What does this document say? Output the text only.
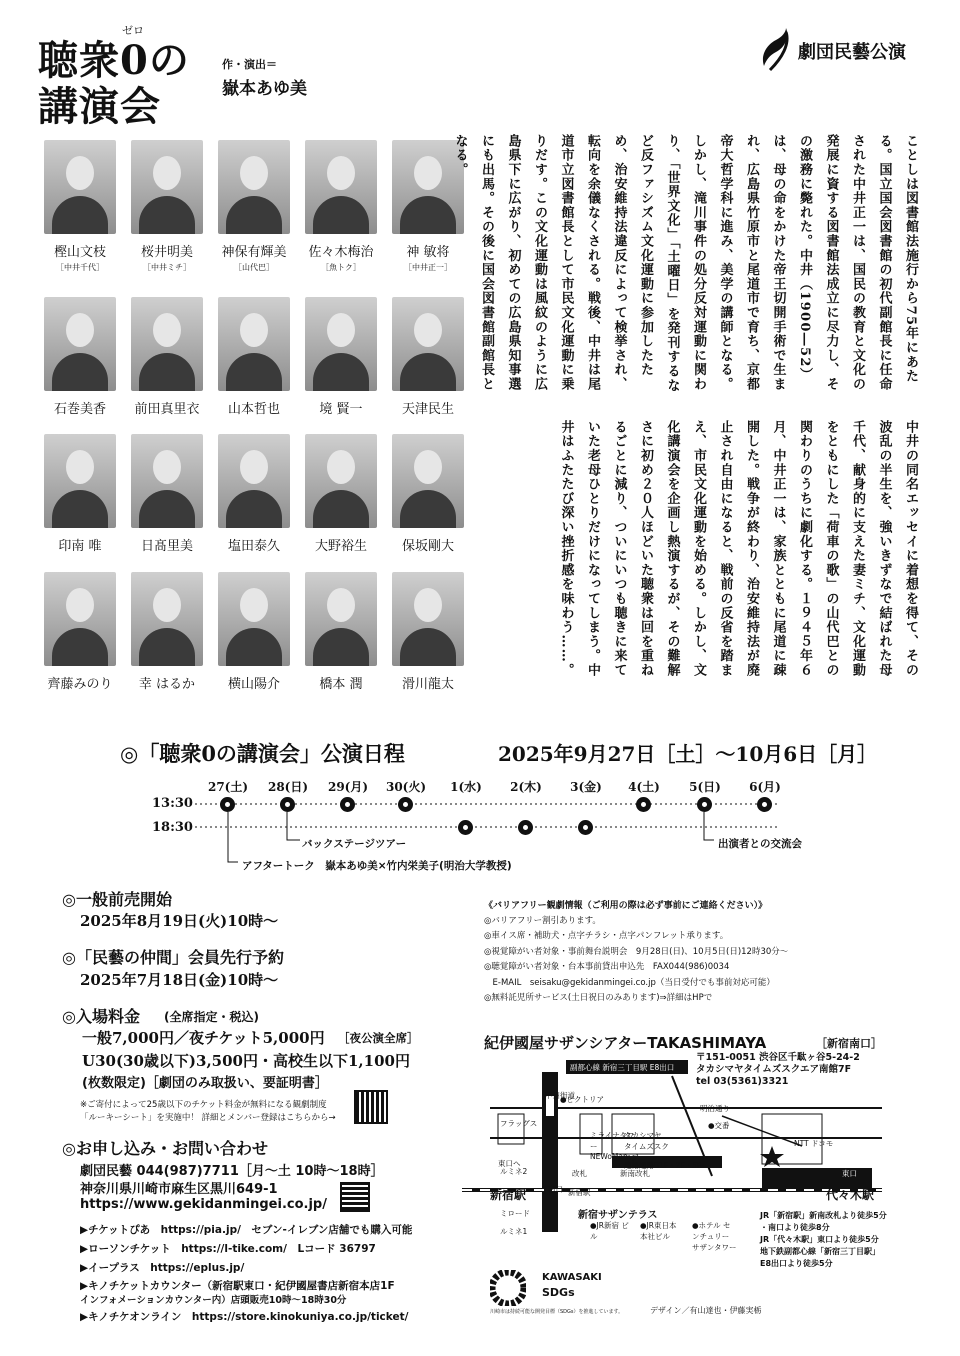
ゼロ
聴衆0の
講演会
作・演出＝
嶽本あゆ美
劇団民藝公演
樫山文枝
［中井千代］
桜井明美
［中井ミチ］
神保有輝美
［山代巴］
佐々木梅治
［魚トク］
神 敏将
［中井正一］
石巻美香	前田真里衣	山本哲也	境 賢一	天津民生
印南 唯	日髙里美	塩田泰久	大野裕生	保坂剛大
齊藤みのり	幸 はるか	横山陽介	橋本 潤	滑川龍太
ことしは図書館法施行から75年にあたる。国立国会図書館の初代副館長に任命された中井正一は、国民の教育と文化の発展に資する図書館法成立に尽力し、その激務に斃れた。中井（1900―52）は、母の命をかけた帝王切開手術で生まれ、広島県竹原市と尾道市で育ち、京都帝大哲学科に進み、美学の講師となる。しかし、滝川事件の処分反対運動に関わり、「世界文化」「土曜日」を発刊するなど反ファシズム文化運動に参加したため、治安維持法違反によって検挙され、転向を余儀なくされる。戦後、中井は尾道市立図書館長として市民文化運動に乗りだす。この文化運動は風紋のように広島県下に広がり、初めての広島県知事選にも出馬。その後に国会図書館副館長となる。
中井の同名エッセイに着想を得て、その波乱の半生を、強いきずなで結ばれた母千代、献身的に支えた妻ミチ、文化運動をともにした「荷車の歌」の山代巴との関わりのうちに劇化する。１９４５年６月、中井正一は、家族とともに尾道に疎開した。戦争が終わり、治安維持法が廃止され自由になると、戦前の反省を踏まえ、市民文化運動を始める。しかし、文化講演会を企画し熱演するが、その難解さに初め２０人ほどいた聴衆は回を重ねるごとに減り、ついにいつも聴きに来ていた老母ひとりだけになってしまう。中井はふたたび深い挫折感を味わう……。
◎「聴衆0の講演会」公演日程	2025年9月27日［土］〜10月6日［月］
27(土)	28(日)	29(月)	30(火)	1(水)	2(木)	3(金)	4(土)	5(日)	6(月)
13:30
18:30
バックステージツアー
アフタートーク　嶽本あゆ美×竹内栄美子(明治大学教授)
出演者との交流会
◎一般前売開始
2025年8月19日(火)10時〜
◎「民藝の仲間」会員先行予約
2025年7月18日(金)10時〜
◎入場料金 (全席指定・税込)
一般7,000円／夜チケット5,000円 ［夜公演全席］
U30(30歳以下)3,500円・高校生以下1,100円
(枚数限定)［劇団のみ取扱い、要証明書］
※ご寄付によって25歳以下のチケット料金が無料になる観劇制度
「ルーキーシート」を実施中！ 詳細とメンバー登録はこちらから→
◎お申し込み・お問い合わせ
劇団民藝 044(987)7711［月〜土 10時〜18時］
神奈川県川崎市麻生区黒川649-1
https://www.gekidanmingei.co.jp/
▶チケットぴあ　https://pia.jp/　セブン-イレブン店舗でも購入可能
▶ローソンチケット　https://l-tike.com/　Lコード 36797
▶イープラス　https://eplus.jp/
▶キノチケットカウンター（新宿駅東口・紀伊國屋書店新宿本店1F
インフォメーションカウンター内）店頭販売10時〜18時30分
▶キノチケオンライン　https://store.kinokuniya.co.jp/ticket/
《バリアフリー観劇情報（ご利用の際は必ず事前にご連絡ください）》
◎バリアフリー割引あります。
◎車イス席・補助犬・点字チラシ・点字パンフレット承ります。
◎視覚障がい者対象・事前舞台説明会　9月28日(日)、10月5日(日)12時30分〜
◎聴覚障がい者対象・台本事前貸出申込先　FAX044(986)0034
　E-MAIL　seisaku@gekidanmingei.co.jp（当日受付でも事前対応可能）
◎無料託児所サービス(土日祝日のみあります)⇒詳細はHPで
紀伊國屋サザンシアターTAKASHIMAYA	［新宿南口］
〒151-0051 渋谷区千駄ヶ谷5-24-2
タカシマヤタイムズスクエア南館7F
tel 03(5361)3321
副都心線 新宿三丁目駅 E8出口
●ビクトリア
甲州街道
明治通り
●交番
フラッグス
ミライナタワー NEWoMan
タカシマヤ タイムズスクエア
連絡通路B1F・2F・5F
NTT ドコモ
東口へ
ルミネ2	改札	新南改札
南口 新宿駅
新宿駅
新宿サザンテラス
ミロード
ルミネ1
●JR新宿 ビル
●JR東日本 本社ビル
●ホテル センチュリー サザンタワー
東口
代々木駅
JR「新宿駅」新南改札より徒歩5分
・南口より徒歩8分
JR「代々木駅」東口より徒歩5分
地下鉄副都心線「新宿三丁目駅」
E8出口より徒歩5分
KAWASAKI
SDGs
川崎市は持続可能な開発目標（SDGs）を推進しています。	デザイン／有山達也・伊藤実栃
